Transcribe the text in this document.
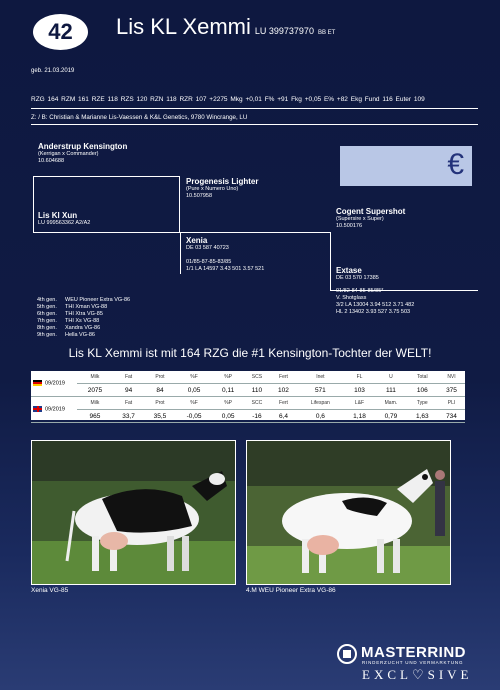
42	Lis KL Xemmi LU 399737970 BB ET
geb. 21.03.2019
RZG 164 RZM 161 RZE 118 RZS 120 RZN 118 RZR 107 +2275 Mkg +0,01 F% +91 Fkg +0,05 E% +82 Ekg Fund 116 Euter 109
Z: / B: Christian & Marianne Lis-Vaessen & K&L Genetics, 9780 Wincrange, LU
Anderstrup Kensington
(Kerrigan x Commander)
10.604688
Progenesis Lighter
(Pure x Numero Uno)
10.507958
Lis Kl Xun
LU 999563362 A2/A2
Cogent Supershot
(Supersire x Super)
10.500176
Xenia
DE 03 587 40723
01/85-87-85-83/85
1/1 LA 14597 3.43 501 3.57 521	Extase
DE 03 570 17385
01/82-84-85-85/85*
V. Shotglass
3/2 LA 13004 3.94 512 3.71 482
HL 2 13402 3.93 527 3.75 503
4th gen. WEU Pioneer Extra VG-86
5th gen. THI Xman VG-88
6th gen. THI Xtra VG-85
7th gen. THI Xs VG-88
8th gen. Xandra VG-86
9th gen. Hella VG-86
€
Lis KL Xemmi ist mit 164 RZG die #1 Kensington-Tochter der WELT!
09/2019	Milk	Fat	Prot	%F	%P	SCS	Fert	Inet	FL	U	Total	NVI
	2075	94	84	0,05	0,11	110	102	571	103	111	106	375

09/2019	Milk	Fat	Prot	%F	%P	SCC	Fert	Lifespan	L&F	Mam.	Type	PLI
	965	33,7	35,5	-0,05	0,05	-16	6,4	0,6	1,18	0,79	1,63	734
Xenia VG-85	4.M WEU Pioneer Extra VG-86
MASTERRIND
RINDERZUCHT UND VERMARKTUNG
EXCL♡SIVE
